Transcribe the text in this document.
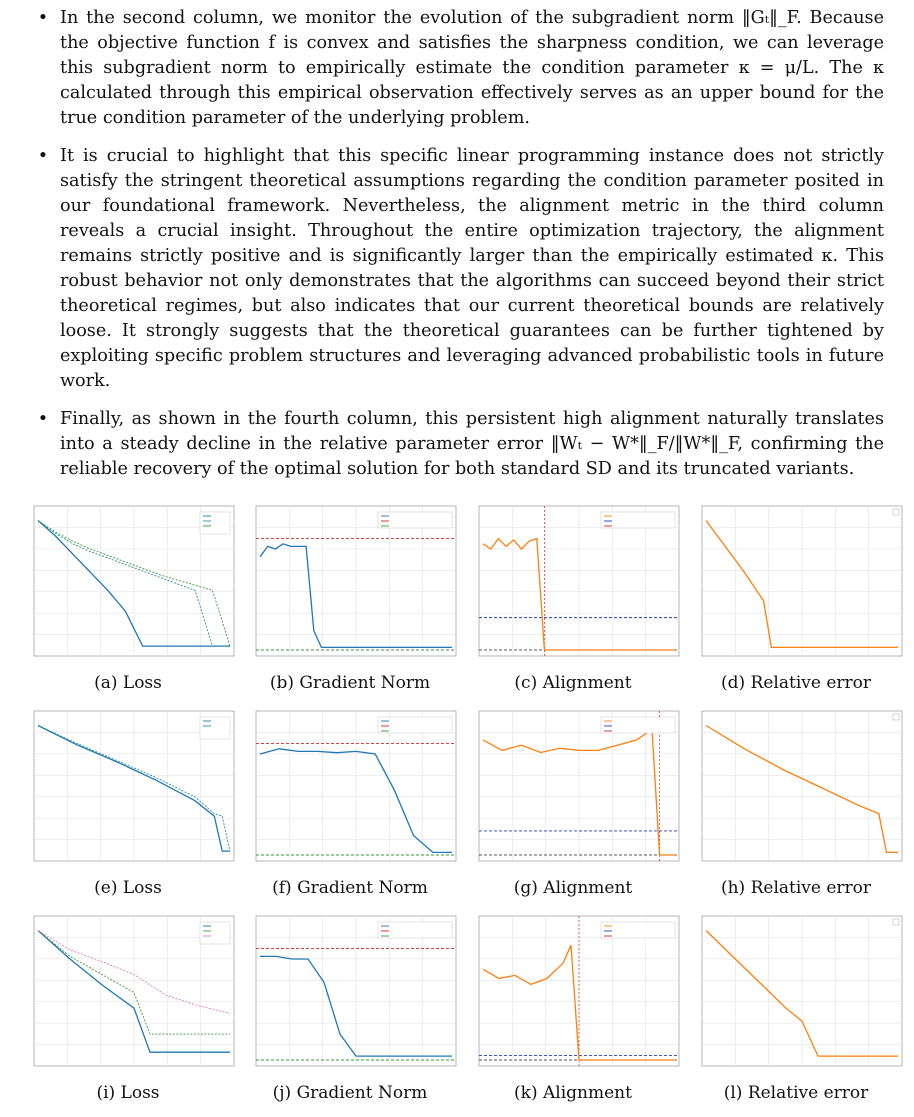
• In the second column, we monitor the evolution of the subgradient norm ‖Gₜ‖_F. Because the objective function f is convex and satisfies the sharpness condition, we can leverage this subgradient norm to empirically estimate the condition parameter κ = μ/L. The κ calculated through this empirical observation effectively serves as an upper bound for the true condition parameter of the underlying problem.
• It is crucial to highlight that this specific linear programming instance does not strictly satisfy the stringent theoretical assumptions regarding the condition parameter posited in our foundational framework. Nevertheless, the alignment metric in the third column reveals a crucial insight. Throughout the entire optimization trajectory, the alignment remains strictly positive and is significantly larger than the empirically estimated κ. This robust behavior not only demonstrates that the algorithms can succeed beyond their strict theoretical regimes, but also indicates that our current theoretical bounds are relatively loose. It strongly suggests that the theoretical guarantees can be further tightened by exploiting specific problem structures and leveraging advanced probabilistic tools in future work.
• Finally, as shown in the fourth column, this persistent high alignment naturally translates into a steady decline in the relative parameter error ‖Wₜ − W*‖_F/‖W*‖_F, confirming the reliable recovery of the optimal solution for both standard SD and its truncated variants.
(a) Loss	(b) Gradient Norm	(c) Alignment	(d) Relative error
(e) Loss	(f) Gradient Norm	(g) Alignment	(h) Relative error
(i) Loss	(j) Gradient Norm	(k) Alignment	(l) Relative error
